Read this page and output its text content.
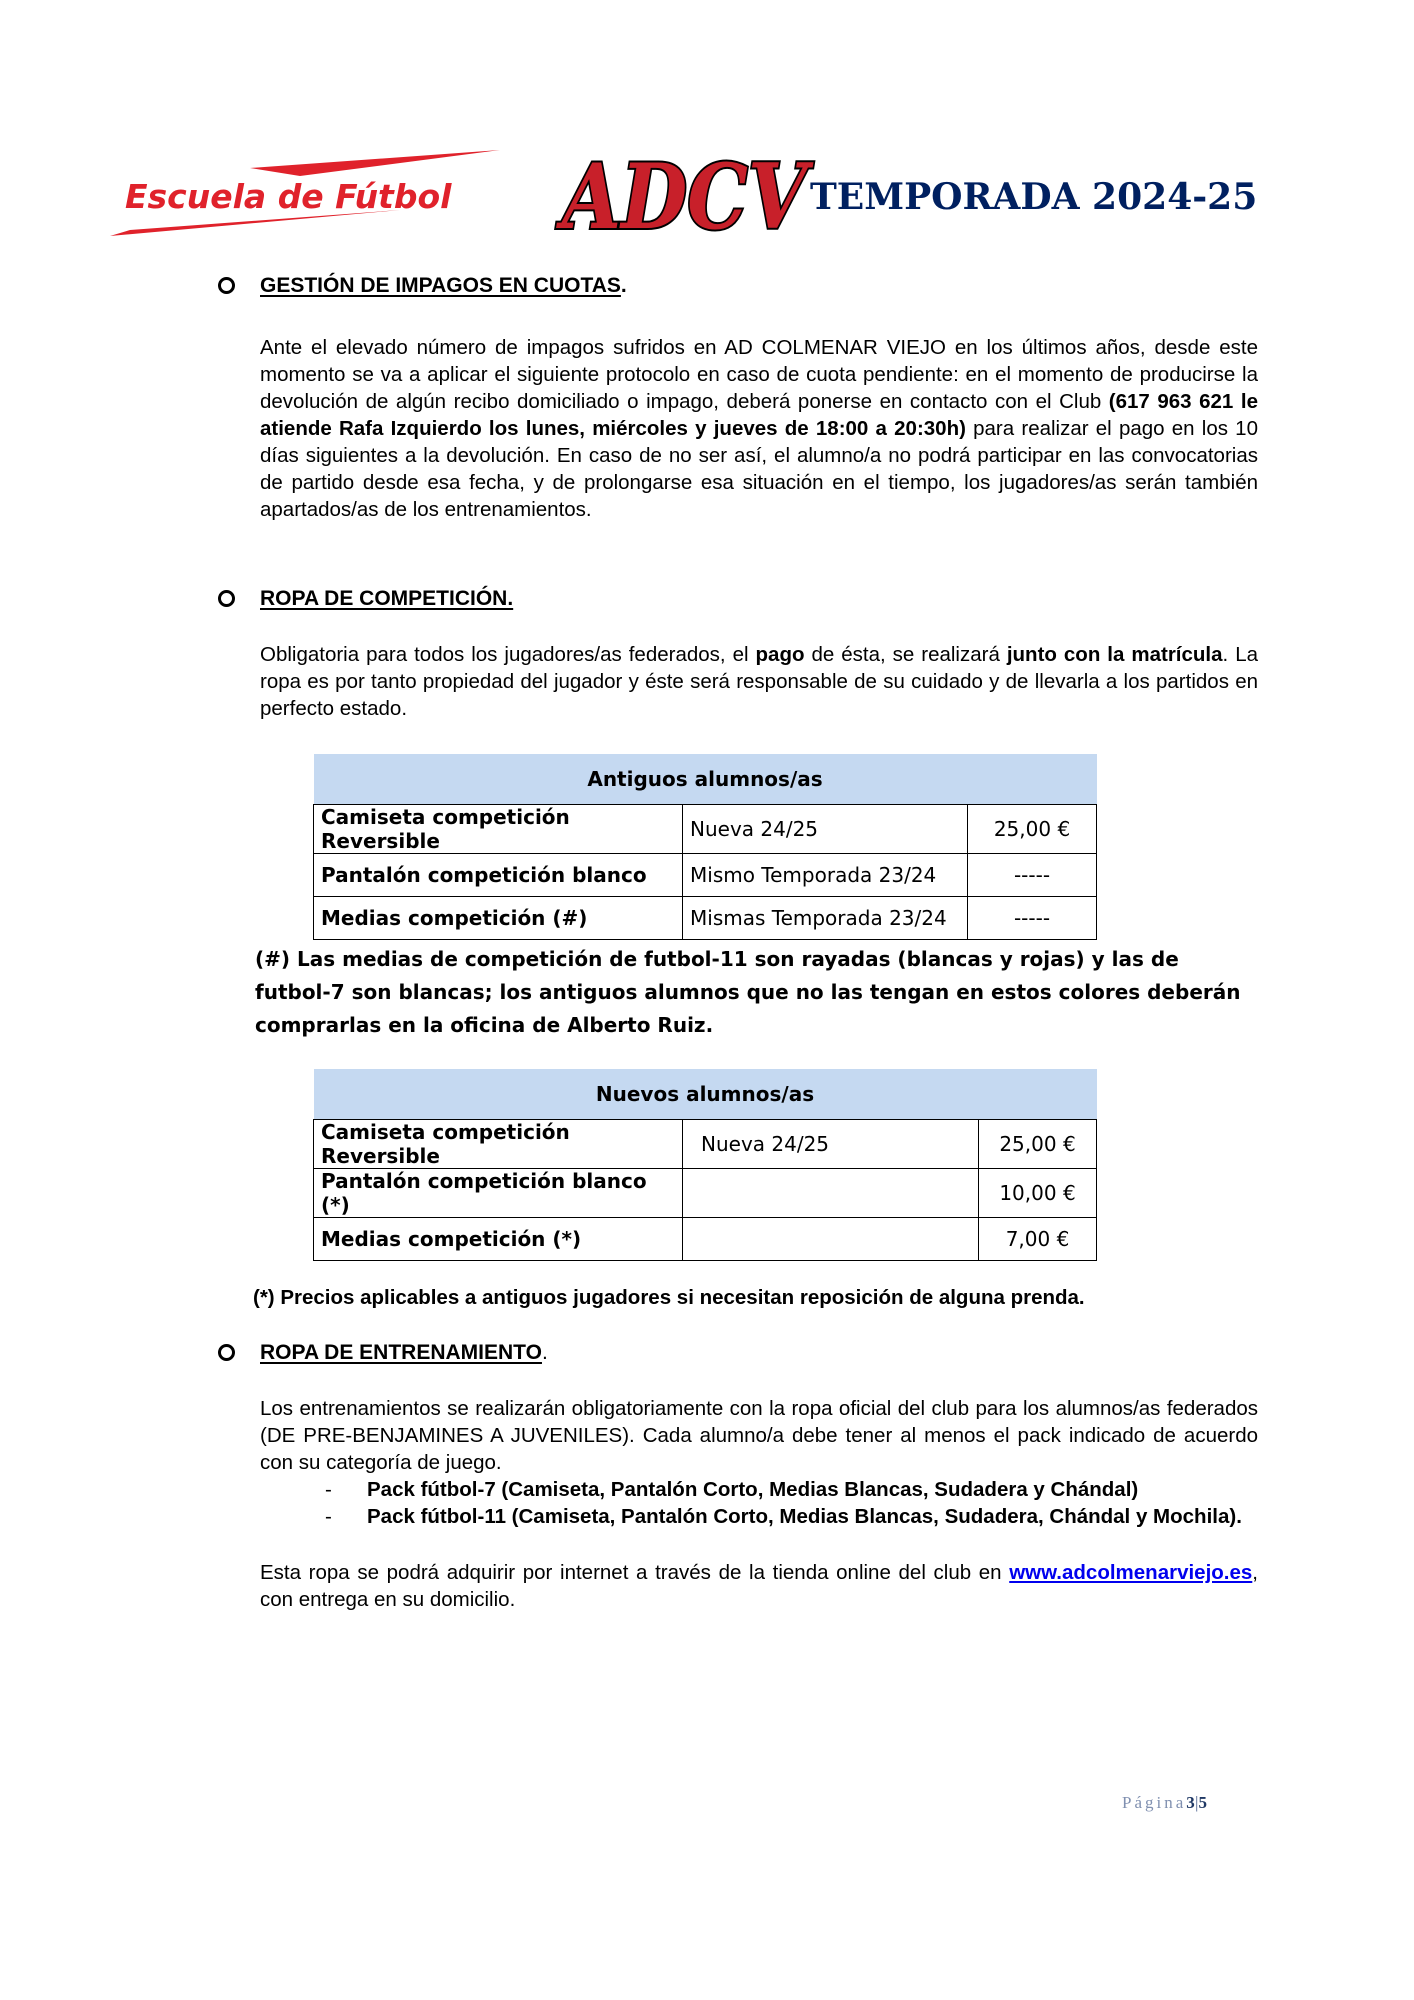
Escuela de Fútbol ADCV
TEMPORADA 2024-25
GESTIÓN DE IMPAGOS EN CUOTAS.
Ante el elevado número de impagos sufridos en AD COLMENAR VIEJO en los últimos años, desde este momento se va a aplicar el siguiente protocolo en caso de cuota pendiente: en el momento de producirse la devolución de algún recibo domiciliado o impago, deberá ponerse en contacto con el Club (617 963 621 le atiende Rafa Izquierdo los lunes, miércoles y jueves de 18:00 a 20:30h) para realizar el pago en los 10 días siguientes a la devolución. En caso de no ser así, el alumno/a no podrá participar en las convocatorias de partido desde esa fecha, y de prolongarse esa situación en el tiempo, los jugadores/as serán también apartados/as de los entrenamientos.
ROPA DE COMPETICIÓN.
Obligatoria para todos los jugadores/as federados, el pago de ésta, se realizará junto con la matrícula. La ropa es por tanto propiedad del jugador y éste será responsable de su cuidado y de llevarla a los partidos en perfecto estado.
Antiguos alumnos/as		
Camiseta competición Reversible	Nueva 24/25	25,00 €
Pantalón competición blanco	Mismo Temporada 23/24	-----
Medias competición (#)	Mismas Temporada 23/24	-----
(#) Las medias de competición de futbol-11 son rayadas (blancas y rojas) y las de futbol-7 son blancas; los antiguos alumnos que no las tengan en estos colores deberán comprarlas en la oficina de Alberto Ruiz.
Nuevos alumnos/as		
Camiseta competición Reversible	Nueva 24/25	25,00 €
Pantalón competición blanco (*)		10,00 €
Medias competición (*)		7,00 €
(*) Precios aplicables a antiguos jugadores si necesitan reposición de alguna prenda.
ROPA DE ENTRENAMIENTO.
Los entrenamientos se realizarán obligatoriamente con la ropa oficial del club para los alumnos/as federados (DE PRE-BENJAMINES A JUVENILES). Cada alumno/a debe tener al menos el pack indicado de acuerdo con su categoría de juego.
- Pack fútbol-7 (Camiseta, Pantalón Corto, Medias Blancas, Sudadera y Chándal)
- Pack fútbol-11 (Camiseta, Pantalón Corto, Medias Blancas, Sudadera, Chándal y Mochila).
Esta ropa se podrá adquirir por internet a través de la tienda online del club en www.adcolmenarviejo.es, con entrega en su domicilio.
Página3|5
